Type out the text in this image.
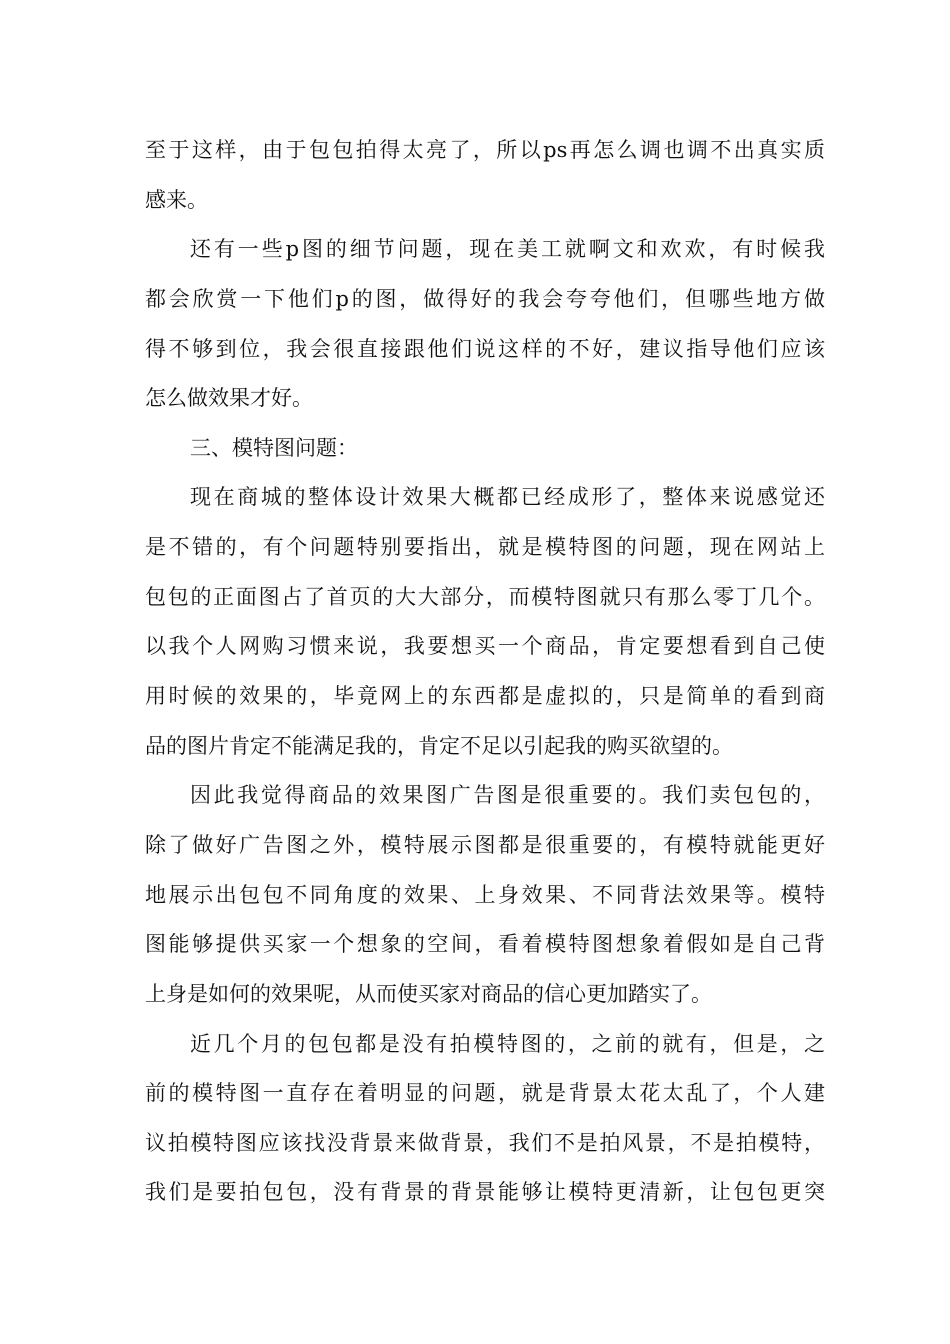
至于这样，由于包包拍得太亮了，所以ps再怎么调也调不出真实质
感来。
还有一些p图的细节问题，现在美工就啊文和欢欢，有时候我
都会欣赏一下他们p的图，做得好的我会夸夸他们，但哪些地方做
得不够到位，我会很直接跟他们说这样的不好，建议指导他们应该
怎么做效果才好。
三、模特图问题：
现在商城的整体设计效果大概都已经成形了，整体来说感觉还
是不错的，有个问题特别要指出，就是模特图的问题，现在网站上
包包的正面图占了首页的大大部分，而模特图就只有那么零丁几个。
以我个人网购习惯来说，我要想买一个商品，肯定要想看到自己使
用时候的效果的，毕竟网上的东西都是虚拟的，只是简单的看到商
品的图片肯定不能满足我的，肯定不足以引起我的购买欲望的。
因此我觉得商品的效果图广告图是很重要的。我们卖包包的，
除了做好广告图之外，模特展示图都是很重要的，有模特就能更好
地展示出包包不同角度的效果、上身效果、不同背法效果等。模特
图能够提供买家一个想象的空间，看着模特图想象着假如是自己背
上身是如何的效果呢，从而使买家对商品的信心更加踏实了。
近几个月的包包都是没有拍模特图的，之前的就有，但是，之
前的模特图一直存在着明显的问题，就是背景太花太乱了，个人建
议拍模特图应该找没背景来做背景，我们不是拍风景，不是拍模特，
我们是要拍包包，没有背景的背景能够让模特更清新，让包包更突
